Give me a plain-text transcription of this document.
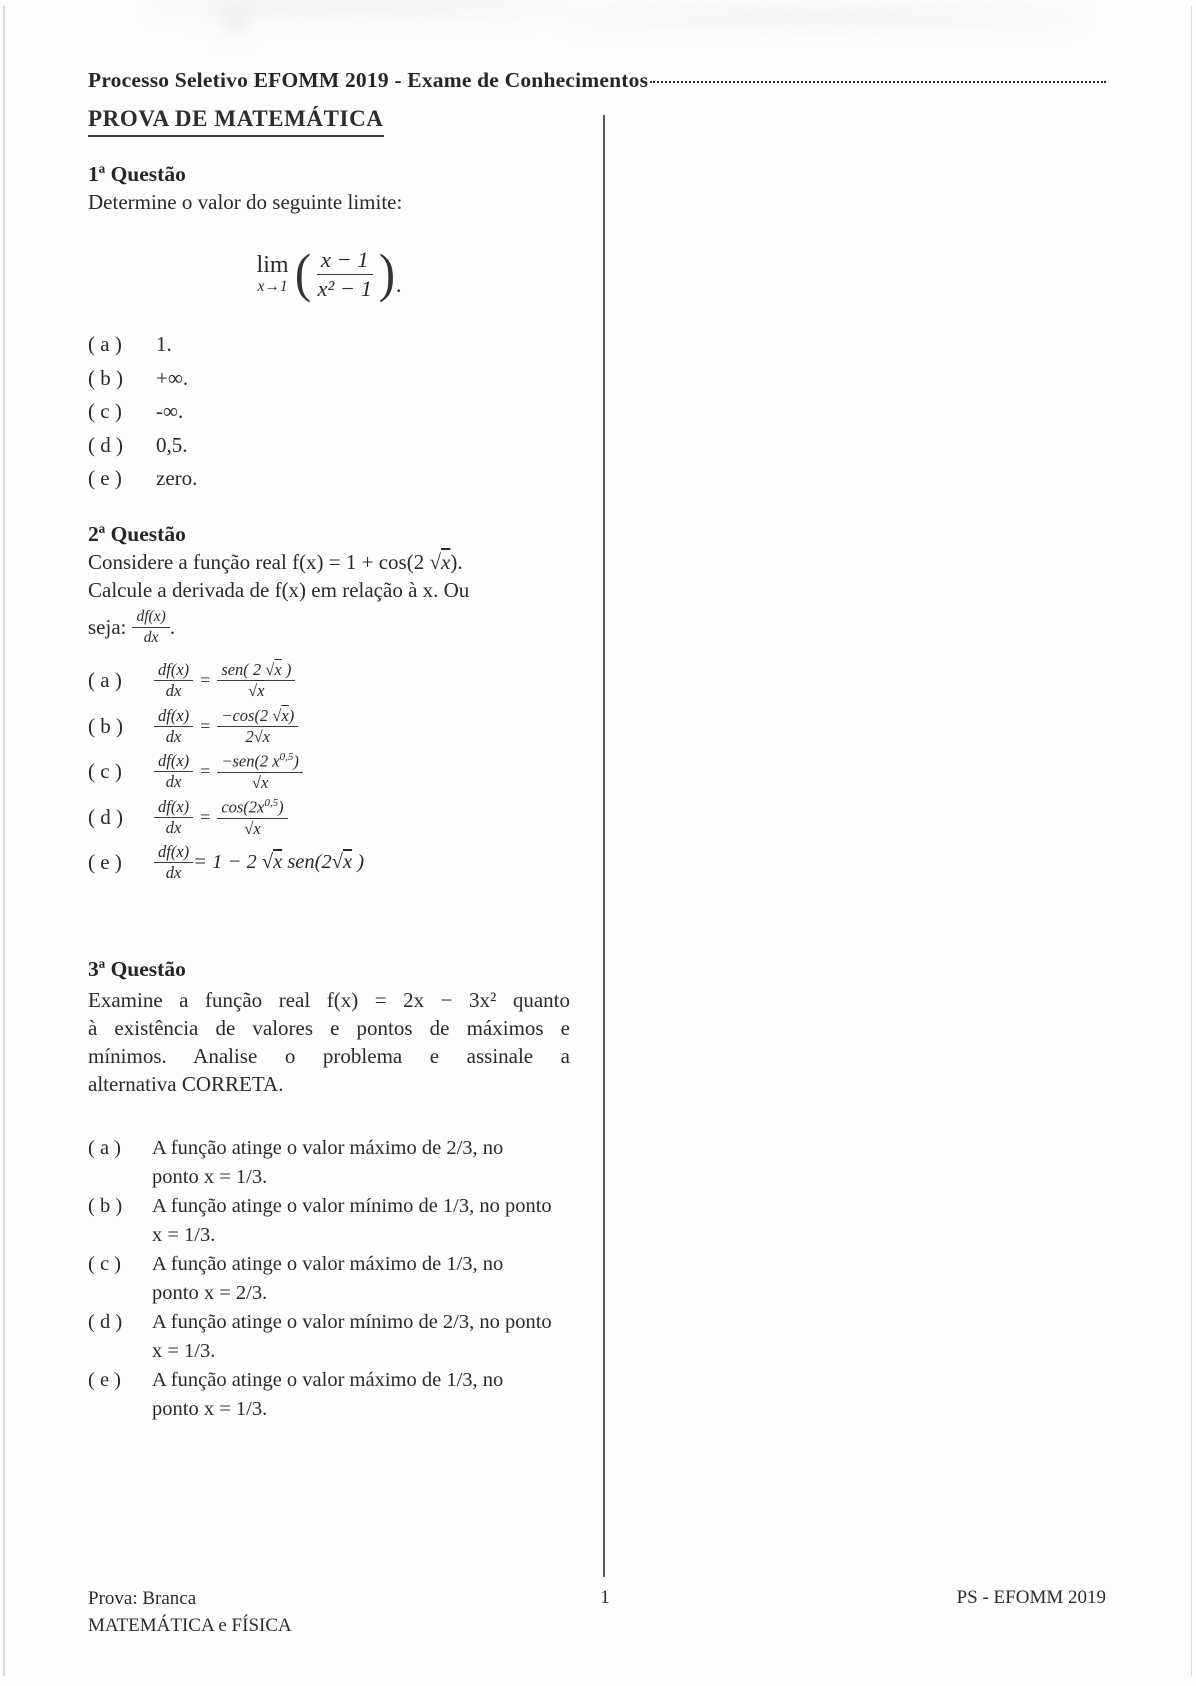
Processo Seletivo EFOMM 2019 - Exame de Conhecimentos
PROVA DE MATEMÁTICA

1ª Questão

Determine o valor do seguinte limite:

lim
x→1 ( $\frac{x - 1}{\text{x² − 1}}$ ) .
( a )	1.
( b )	+∞.
( c )	-∞.
( d )	0,5.
( e )	zero.

2ª Questão

Considere a função real f(x) = 1 + cos(2 √x).

Calcule a derivada de f(x) em relação à x. Ou

seja: $\frac{df(x)}{dx}$ .
( a )	$\frac{df(x)}{dx} = \frac{\text{sen( 2 √x )}}{√x}$
( b )	$\frac{df(x)}{dx} = \frac{-\cos(2 √x)}{2√x}$
( c )	$\frac{df(x)}{dx} = \frac{-sen(2 x^{0,5})}{√x}$
( d )	$\frac{df(x)}{dx} = \frac{\cos(2x^{0,5})}{√x}$
( e )	$\frac{df(x)}{dx} = 1 - 2$ √x sen(2√x )

3ª Questão

Examine a função real f(x) = 2x − 3x² quanto
à existência de valores e pontos de máximos e
mínimos. Analise o problema e assinale a
alternativa CORRETA.
( a )	A função atinge o valor máximo de 2/3, no ponto x = 1/3.
( b )	A função atinge o valor mínimo de 1/3, no ponto x = 1/3.
( c )	A função atinge o valor máximo de 1/3, no ponto x = 2/3.
( d )	A função atinge o valor mínimo de 2/3, no ponto x = 1/3.
( e )	A função atinge o valor máximo de 1/3, no ponto x = 1/3.
Prova: Branca
MATEMÁTICA e FÍSICA
1	PS - EFOMM 2019
